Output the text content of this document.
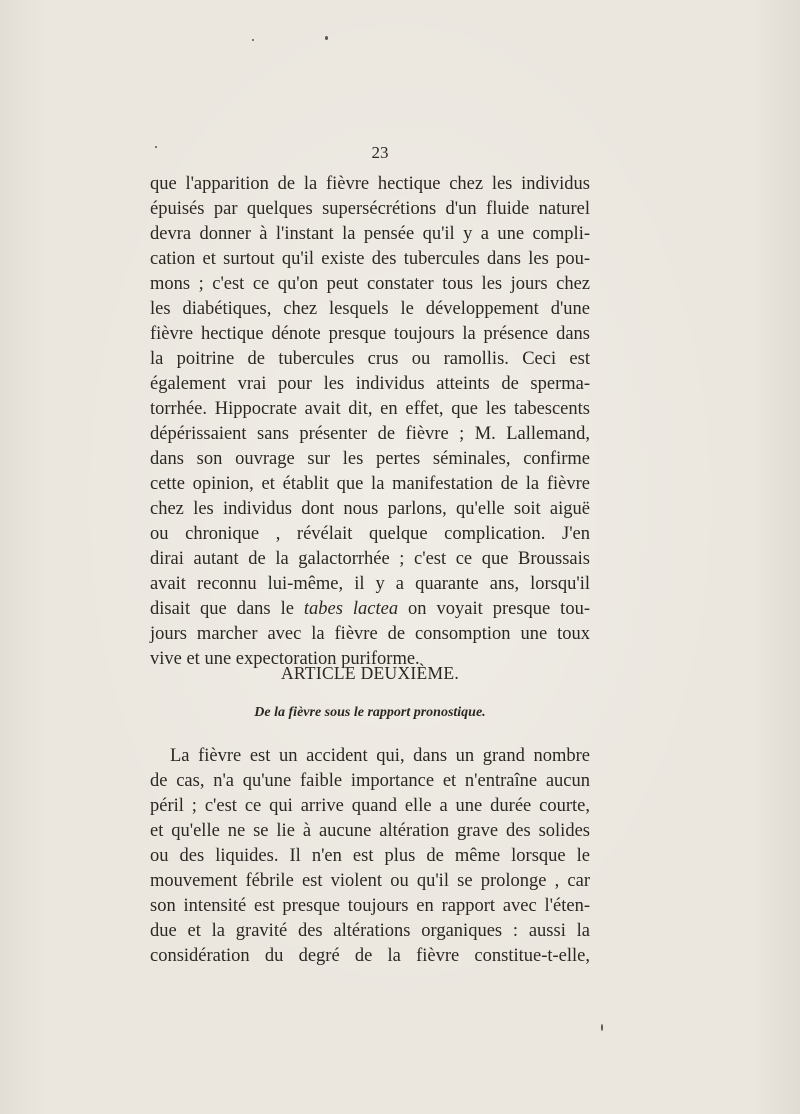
23
que l'apparition de la fièvre hectique chez les individus
épuisés par quelques supersécrétions d'un fluide naturel
devra donner à l'instant la pensée qu'il y a une compli-
cation et surtout qu'il existe des tubercules dans les pou-
mons ; c'est ce qu'on peut constater tous les jours chez
les diabétiques, chez lesquels le développement d'une
fièvre hectique dénote presque toujours la présence dans
la poitrine de tubercules crus ou ramollis. Ceci est
également vrai pour les individus atteints de sperma-
torrhée. Hippocrate avait dit, en effet, que les tabescents
dépérissaient sans présenter de fièvre ; M. Lallemand,
dans son ouvrage sur les pertes séminales, confirme
cette opinion, et établit que la manifestation de la fièvre
chez les individus dont nous parlons, qu'elle soit aiguë
ou chronique , révélait quelque complication. J'en
dirai autant de la galactorrhée ; c'est ce que Broussais
avait reconnu lui-même, il y a quarante ans, lorsqu'il
disait que dans le tabes lactea on voyait presque tou-
jours marcher avec la fièvre de consomption une toux
vive et une expectoration puriforme.
ARTICLE DEUXIÈME.
De la fièvre sous le rapport pronostique.
La fièvre est un accident qui, dans un grand nombre
de cas, n'a qu'une faible importance et n'entraîne aucun
péril ; c'est ce qui arrive quand elle a une durée courte,
et qu'elle ne se lie à aucune altération grave des solides
ou des liquides. Il n'en est plus de même lorsque le
mouvement fébrile est violent ou qu'il se prolonge , car
son intensité est presque toujours en rapport avec l'éten-
due et la gravité des altérations organiques : aussi la
considération du degré de la fièvre constitue-t-elle,
